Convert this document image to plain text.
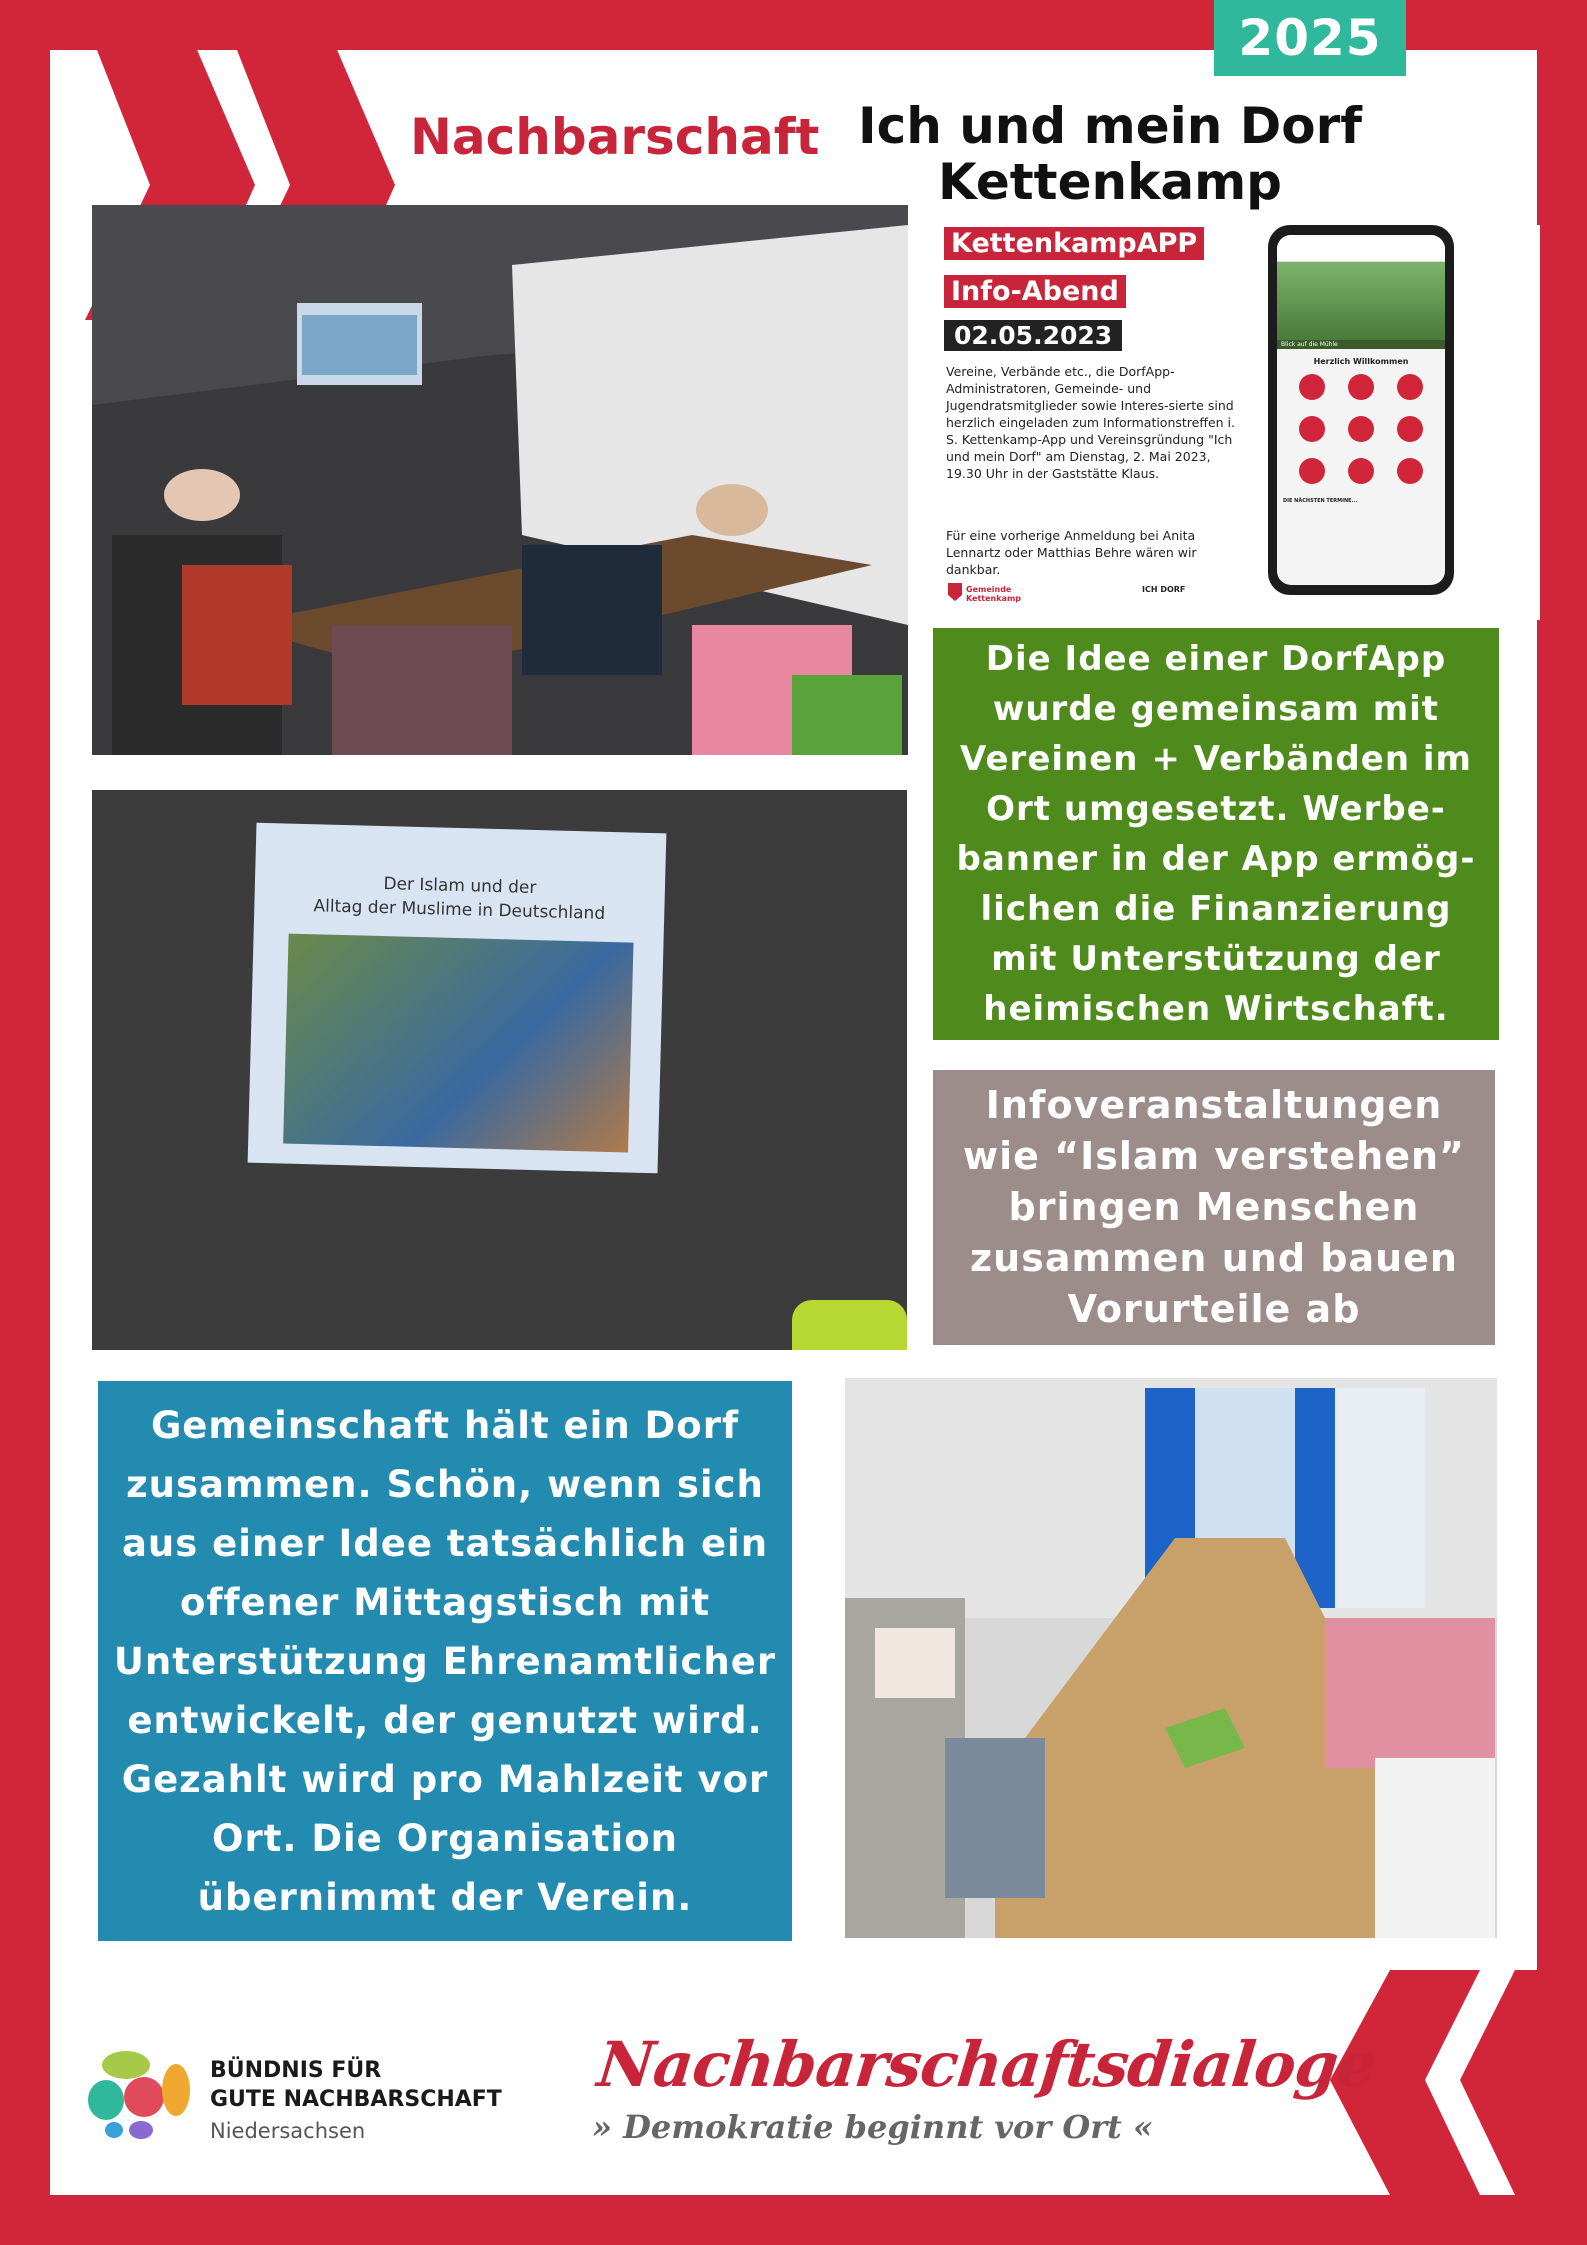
2025
Nachbarschaft Ich und mein Dorf Kettenkamp
KettenkampAPP
Info-Abend
02.05.2023
Vereine, Verbände etc., die DorfApp-Administratoren, Gemeinde- und Jugendratsmitglieder sowie Interes-sierte sind herzlich eingeladen zum Informationstreffen i. S. Kettenkamp-App und Vereinsgründung "Ich und mein Dorf" am Dienstag, 2. Mai 2023, 19.30 Uhr in der Gaststätte Klaus.
Für eine vorherige Anmeldung bei Anita Lennartz oder Matthias Behre wären wir dankbar.
Gemeinde Kettenkamp
ICH DORF
Blick auf die Mühle
Herzlich Willkommen
DIE NÄCHSTEN TERMINE...
Der Islam und der
Alltag der Muslime in Deutschland
Die Idee einer DorfApp wurde gemeinsam mit Vereinen + Verbänden im Ort umgesetzt. Werbe-banner in der App ermög-lichen die Finanzierung mit Unterstützung der heimischen Wirtschaft.
Infoveranstaltungen wie “Islam verstehen” bringen Menschen zusammen und bauen Vorurteile ab
Gemeinschaft hält ein Dorf zusammen. Schön, wenn sich aus einer Idee tatsächlich ein offener Mittagstisch mit Unterstützung Ehrenamtlicher entwickelt, der genutzt wird. Gezahlt wird pro Mahlzeit vor Ort. Die Organisation übernimmt der Verein.
BÜNDNIS FÜR
GUTE NACHBARSCHAFT
Niedersachsen
Nachbarschaftsdialoge
» Demokratie beginnt vor Ort «
